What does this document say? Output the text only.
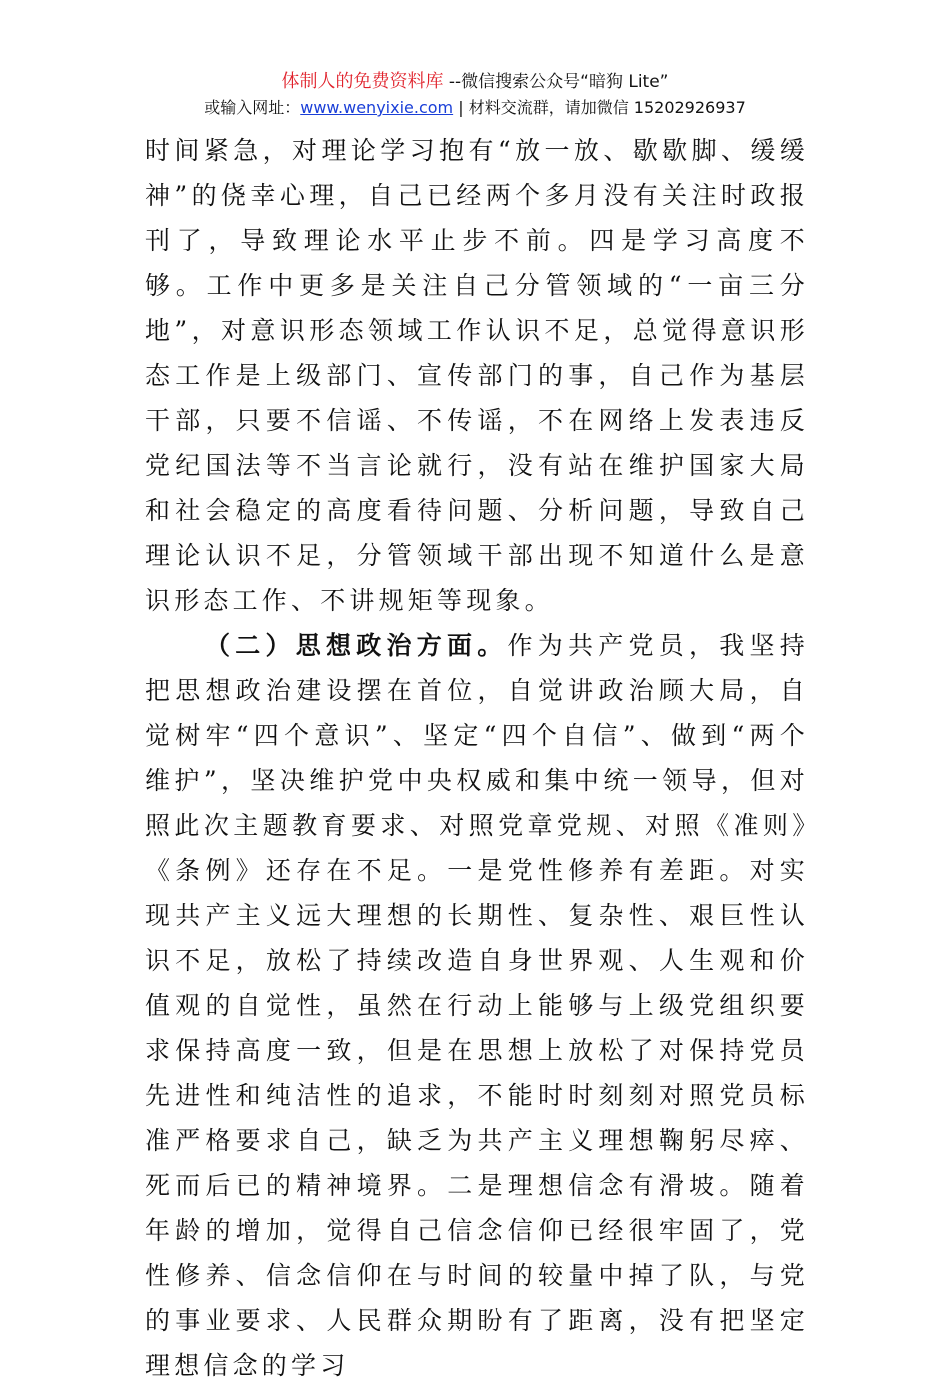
体制人的免费资料库 --微信搜索公众号“暗狗 Lite”
或输入网址：www.wenyixie.com | 材料交流群，请加微信 15202926937

时间紧急，对理论学习抱有“放一放、歇歇脚、缓缓神”的侥幸心理，自己已经两个多月没有关注时政报刊了，导致理论水平止步不前。四是学习高度不够。工作中更多是关注自己分管领域的“一亩三分地”，对意识形态领域工作认识不足，总觉得意识形态工作是上级部门、宣传部门的事，自己作为基层干部，只要不信谣、不传谣，不在网络上发表违反党纪国法等不当言论就行，没有站在维护国家大局和社会稳定的高度看待问题、分析问题，导致自己理论认识不足，分管领域干部出现不知道什么是意识形态工作、不讲规矩等现象。

（二）思想政治方面。作为共产党员，我坚持把思想政治建设摆在首位，自觉讲政治顾大局，自觉树牢“四个意识”、坚定“四个自信”、做到“两个维护”，坚决维护党中央权威和集中统一领导，但对照此次主题教育要求、对照党章党规、对照《准则》《条例》还存在不足。一是党性修养有差距。对实现共产主义远大理想的长期性、复杂性、艰巨性认识不足，放松了持续改造自身世界观、人生观和价值观的自觉性，虽然在行动上能够与上级党组织要求保持高度一致，但是在思想上放松了对保持党员先进性和纯洁性的追求，不能时时刻刻对照党员标准严格要求自己，缺乏为共产主义理想鞠躬尽瘁、死而后已的精神境界。二是理想信念有滑坡。随着年龄的增加，觉得自己信念信仰已经很牢固了，党性修养、信念信仰在与时间的较量中掉了队，与党的事业要求、人民群众期盼有了距离，没有把坚定理想信念的学习
